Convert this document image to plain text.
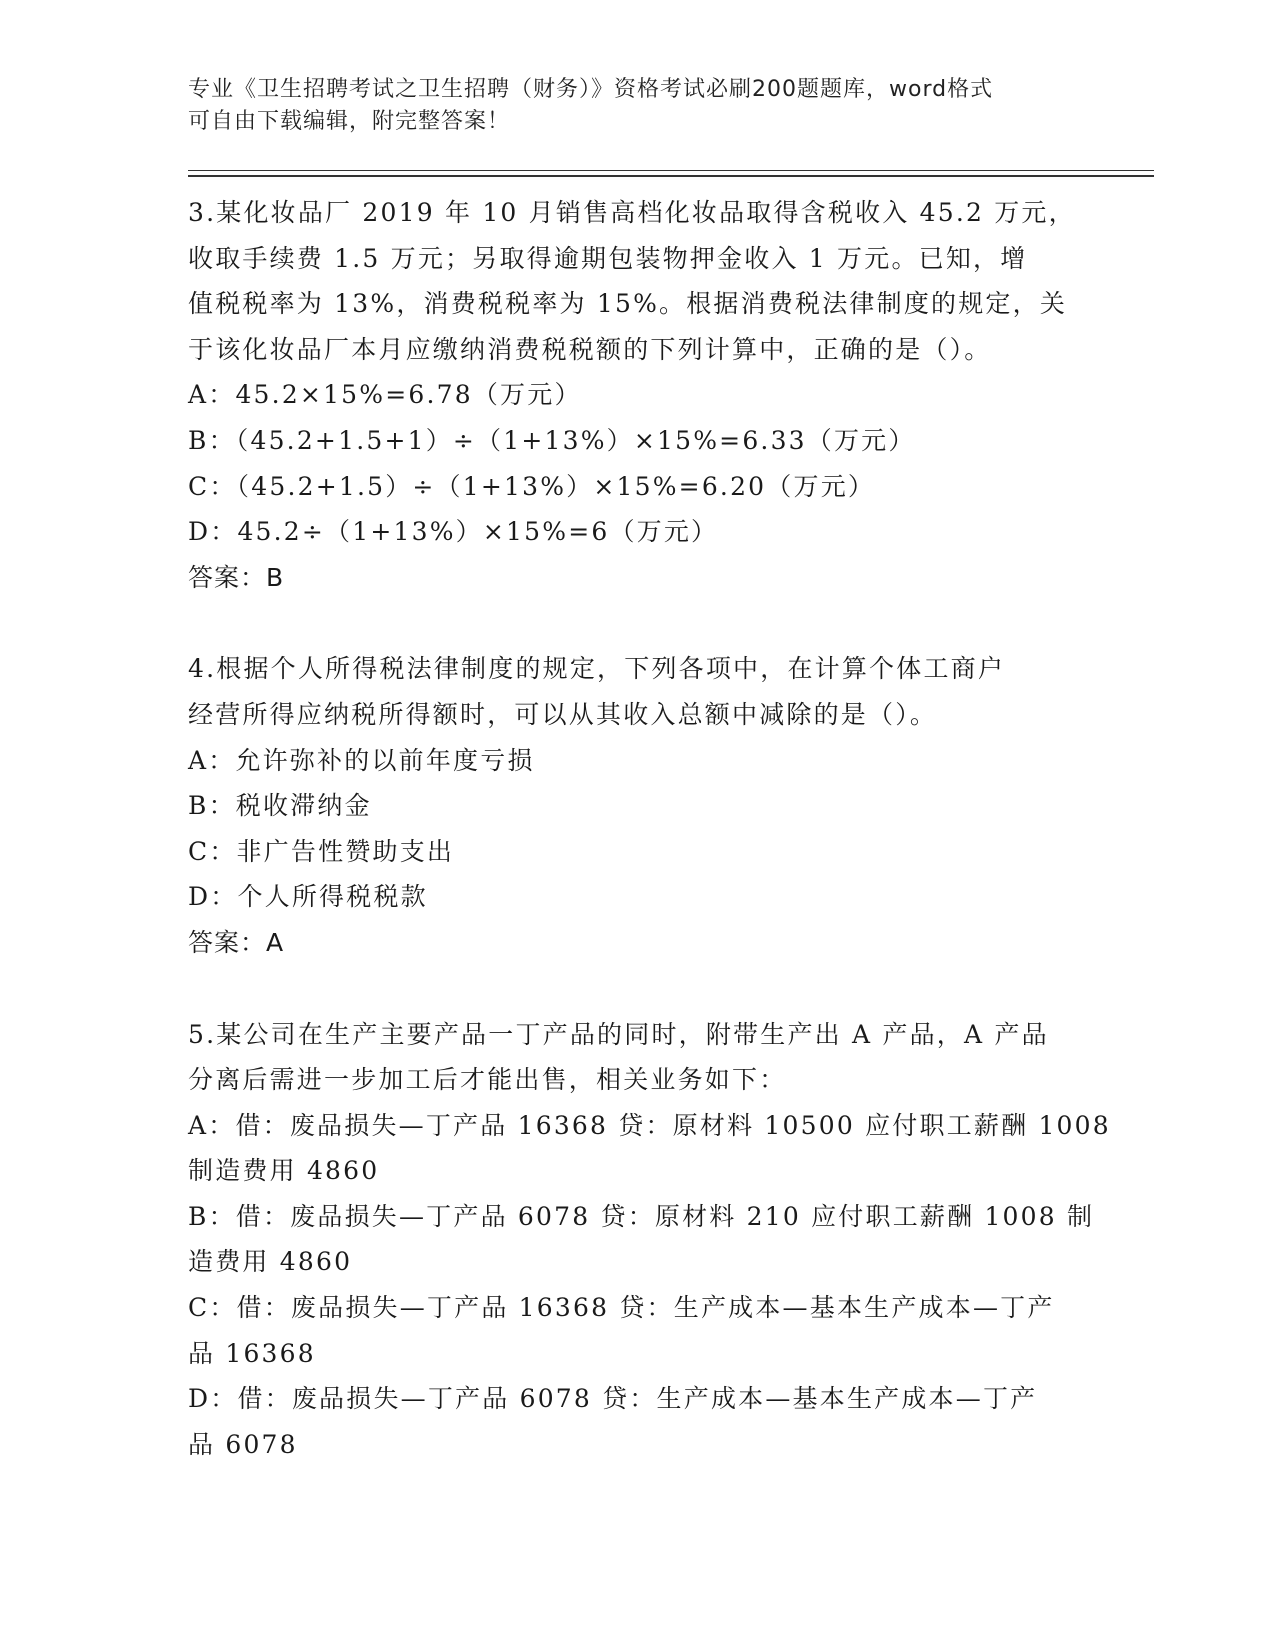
专业《卫生招聘考试之卫生招聘（财务）》资格考试必刷200题题库，word格式
可自由下载编辑，附完整答案！
3.某化妆品厂 2019 年 10 月销售高档化妆品取得含税收入 45.2 万元，
收取手续费 1.5 万元；另取得逾期包装物押金收入 1 万元。已知，增
值税税率为 13%，消费税税率为 15%。根据消费税法律制度的规定，关
于该化妆品厂本月应缴纳消费税税额的下列计算中，正确的是（）。
A：45.2×15%=6.78（万元）
B：（45.2+1.5+1）÷（1+13%）×15%=6.33（万元）
C：（45.2+1.5）÷（1+13%）×15%=6.20（万元）
D：45.2÷（1+13%）×15%=6（万元）
答案：B
4.根据个人所得税法律制度的规定，下列各项中，在计算个体工商户
经营所得应纳税所得额时，可以从其收入总额中减除的是（）。
A：允许弥补的以前年度亏损
B：税收滞纳金
C：非广告性赞助支出
D：个人所得税税款
答案：A
5.某公司在生产主要产品一丁产品的同时，附带生产出 A 产品，A 产品
分离后需进一步加工后才能出售，相关业务如下：
A：借：废品损失—丁产品 16368 贷：原材料 10500 应付职工薪酬 1008
制造费用 4860
B：借：废品损失—丁产品 6078 贷：原材料 210 应付职工薪酬 1008 制
造费用 4860
C：借：废品损失—丁产品 16368 贷：生产成本—基本生产成本—丁产
品 16368
D：借：废品损失—丁产品 6078 贷：生产成本—基本生产成本—丁产
品 6078
